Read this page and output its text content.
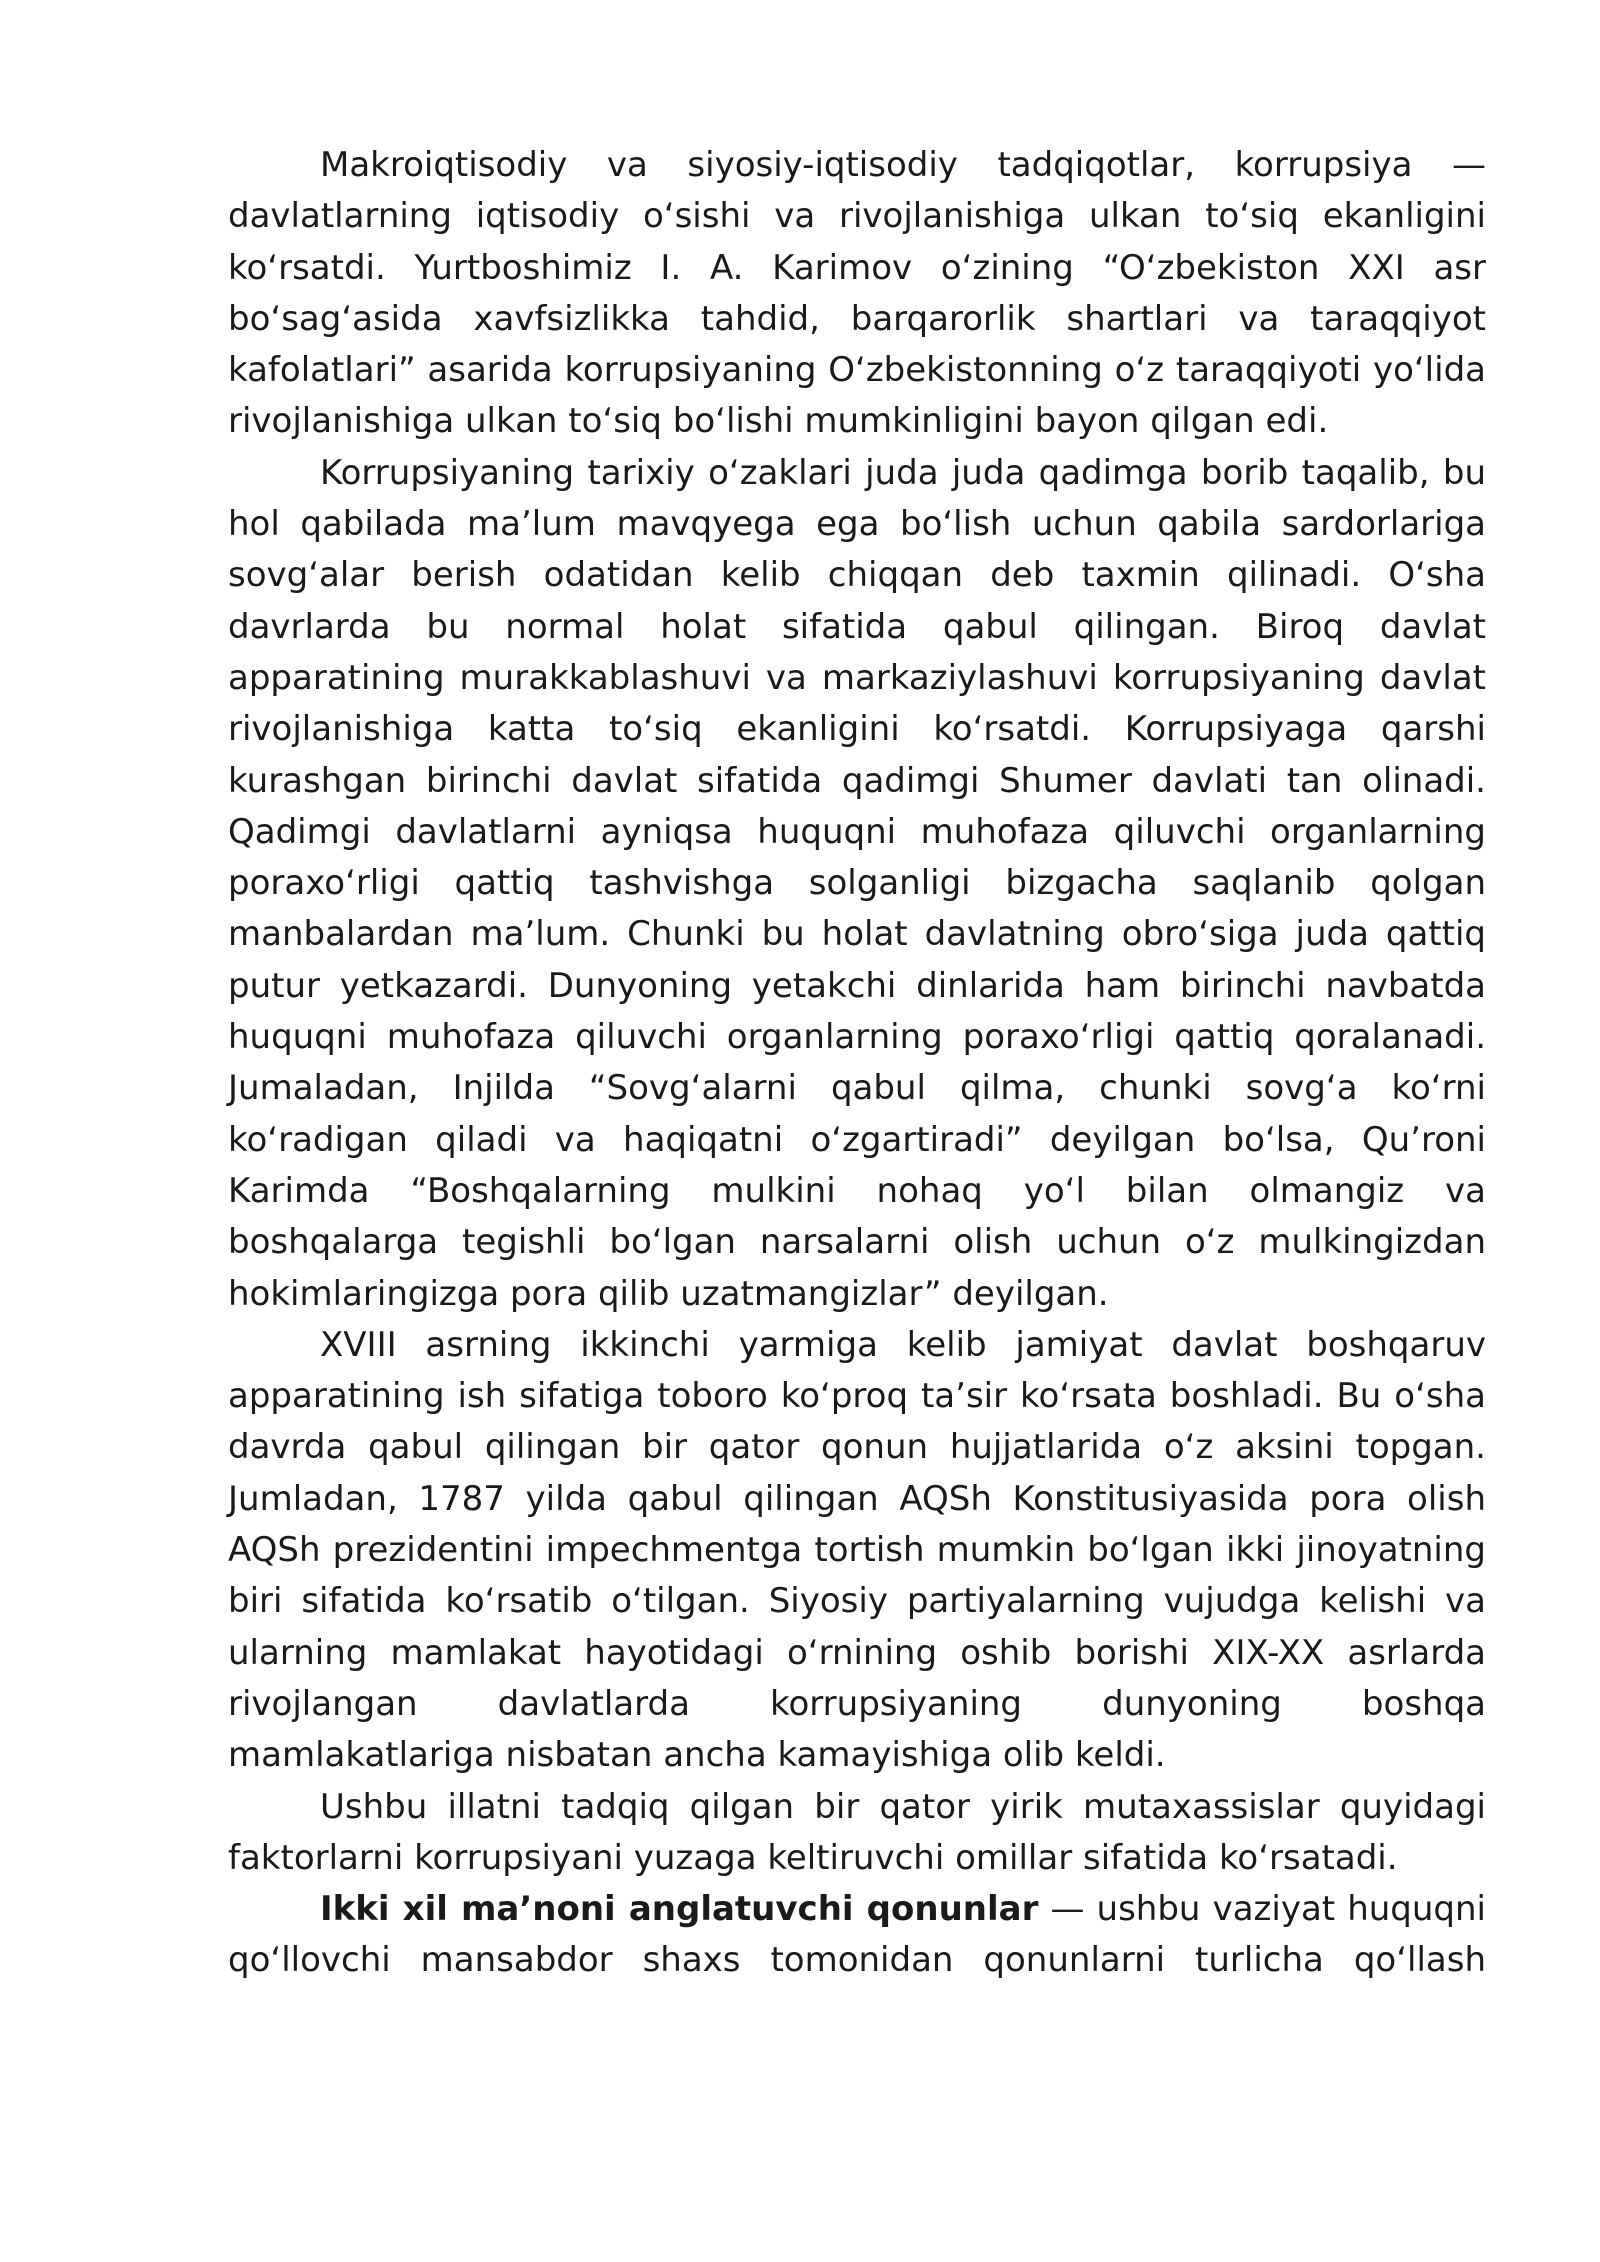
Makroiqtisodiy va siyosiy-iqtisodiy tadqiqotlar, korrupsiya — davlatlarning iqtisodiy o‘sishi va rivojlanishiga ulkan to‘siq ekanligini ko‘rsatdi. Yurtboshimiz I. A. Karimov o‘zining “O‘zbekiston XXI asr bo‘sag‘asida xavfsizlikka tahdid, barqarorlik shartlari va taraqqiyot kafolatlari” asarida korrupsiyaning O‘zbekistonning o‘z taraqqiyoti yo‘lida rivojlanishiga ulkan to‘siq bo‘lishi mumkinligini bayon qilgan edi.

Korrupsiyaning tarixiy o‘zaklari juda juda qadimga borib taqalib, bu hol qabilada ma’lum mavqyega ega bo‘lish uchun qabila sardorlariga sovg‘alar berish odatidan kelib chiqqan deb taxmin qilinadi. O‘sha davrlarda bu normal holat sifatida qabul qilingan. Biroq davlat apparatining murakkablashuvi va markaziylashuvi korrupsiyaning davlat rivojlanishiga katta to‘siq ekanligini ko‘rsatdi. Korrupsiyaga qarshi kurashgan birinchi davlat sifatida qadimgi Shumer davlati tan olinadi. Qadimgi davlatlarni ayniqsa huquqni muhofaza qiluvchi organlarning poraxo‘rligi qattiq tashvishga solganligi bizgacha saqlanib qolgan manbalardan ma’lum. Chunki bu holat davlatning obro‘siga juda qattiq putur yetkazardi. Dunyoning yetakchi dinlarida ham birinchi navbatda huquqni muhofaza qiluvchi organlarning poraxo‘rligi qattiq qoralanadi. Jumaladan, Injilda “Sovg‘alarni qabul qilma, chunki sovg‘a ko‘rni ko‘radigan qiladi va haqiqatni o‘zgartiradi” deyilgan bo‘lsa, Qu’roni Karimda “Boshqalarning mulkini nohaq yo‘l bilan olmangiz va boshqalarga tegishli bo‘lgan narsalarni olish uchun o‘z mulkingizdan hokimlaringizga pora qilib uzatmangizlar” deyilgan.

XVIII asrning ikkinchi yarmiga kelib jamiyat davlat boshqaruv apparatining ish sifatiga toboro ko‘proq ta’sir ko‘rsata boshladi. Bu o‘sha davrda qabul qilingan bir qator qonun hujjatlarida o‘z aksini topgan. Jumladan, 1787 yilda qabul qilingan AQSh Konstitusiyasida pora olish AQSh prezidentini impechmentga tortish mumkin bo‘lgan ikki jinoyatning biri sifatida ko‘rsatib o‘tilgan. Siyosiy partiyalarning vujudga kelishi va ularning mamlakat hayotidagi o‘rnining oshib borishi XIX-XX asrlarda rivojlangan davlatlarda korrupsiyaning dunyoning boshqa mamlakatlariga nisbatan ancha kamayishiga olib keldi.

Ushbu illatni tadqiq qilgan bir qator yirik mutaxassislar quyidagi faktorlarni korrupsiyani yuzaga keltiruvchi omillar sifatida ko‘rsatadi.

Ikki xil ma’noni anglatuvchi qonunlar — ushbu vaziyat huquqni qo‘llovchi mansabdor shaxs tomonidan qonunlarni turlicha qo‘llash
